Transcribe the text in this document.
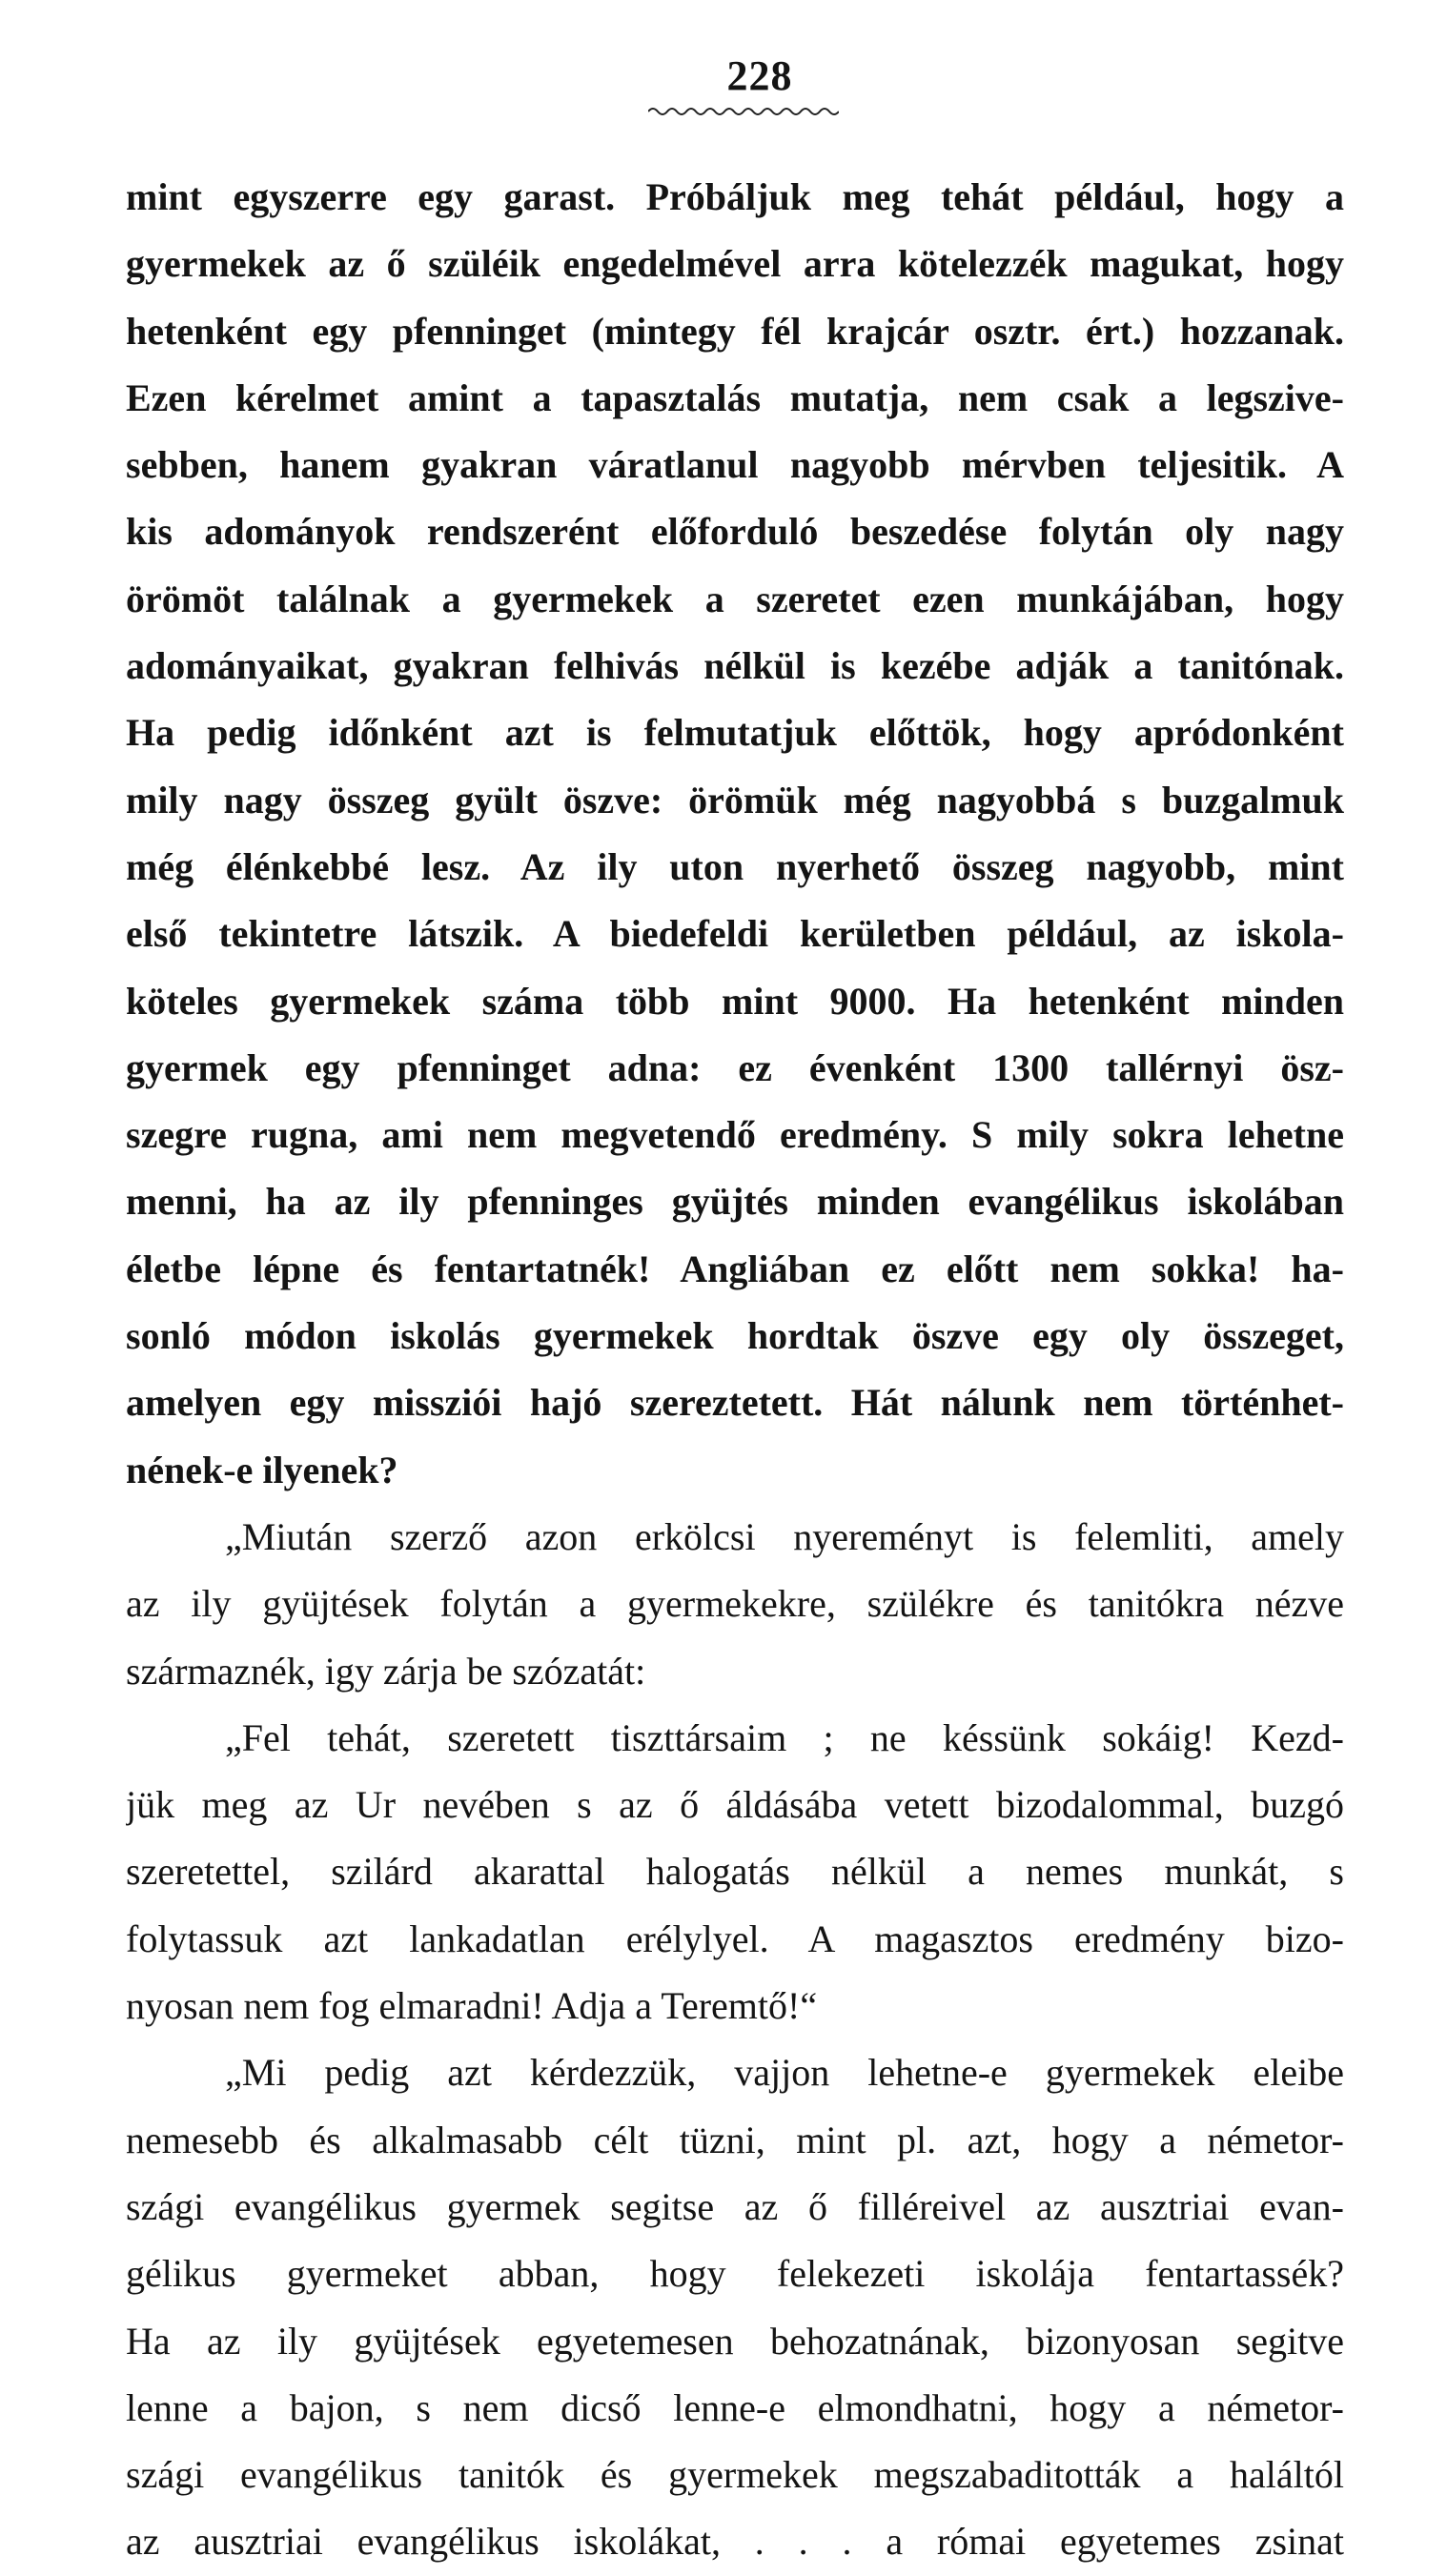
228
mint egyszerre egy garast. Próbáljuk meg tehát például, hogy a
gyermekek az ő szüléik engedelmével arra kötelezzék magukat, hogy
hetenként egy pfenninget (mintegy fél krajcár osztr. ért.) hozzanak.
Ezen kérelmet amint a tapasztalás mutatja, nem csak a legszive-
sebben, hanem gyakran váratlanul nagyobb mérvben teljesitik. A
kis adományok rendszerént előforduló beszedése folytán oly nagy
örömöt találnak a gyermekek a szeretet ezen munkájában, hogy
adományaikat, gyakran felhivás nélkül is kezébe adják a tanitónak.
Ha pedig időnként azt is felmutatjuk előttök, hogy apródonként
mily nagy összeg gyült öszve: örömük még nagyobbá s buzgalmuk
még élénkebbé lesz. Az ily uton nyerhető összeg nagyobb, mint
első tekintetre látszik. A biedefeldi kerületben például, az iskola-
köteles gyermekek száma több mint 9000. Ha hetenként minden
gyermek egy pfenninget adna: ez évenként 1300 tallérnyi ösz-
szegre rugna, ami nem megvetendő eredmény. S mily sokra lehetne
menni, ha az ily pfenninges gyüjtés minden evangélikus iskolában
életbe lépne és fentartatnék! Angliában ez előtt nem sokka! ha-
sonló módon iskolás gyermekek hordtak öszve egy oly összeget,
amelyen egy missziói hajó szereztetett. Hát nálunk nem történhet-
nének-e ilyenek?
„Miután szerző azon erkölcsi nyereményt is felemliti, amely
az ily gyüjtések folytán a gyermekekre, szülékre és tanitókra nézve
származnék, igy zárja be szózatát:
„Fel tehát, szeretett tiszttársaim ; ne késsünk sokáig! Kezd-
jük meg az Ur nevében s az ő áldásába vetett bizodalommal, buzgó
szeretettel, szilárd akarattal halogatás nélkül a nemes munkát, s
folytassuk azt lankadatlan erélylyel. A magasztos eredmény bizo-
nyosan nem fog elmaradni! Adja a Teremtő!“
„Mi pedig azt kérdezzük, vajjon lehetne-e gyermekek eleibe
nemesebb és alkalmasabb célt tüzni, mint pl. azt, hogy a németor-
szági evangélikus gyermek segitse az ő filléreivel az ausztriai evan-
gélikus gyermeket abban, hogy felekezeti iskolája fentartassék?
Ha az ily gyüjtések egyetemesen behozatnának, bizonyosan segitve
lenne a bajon, s nem dicső lenne-e elmondhatni, hogy a németor-
szági evangélikus tanitók és gyermekek megszabaditották a haláltól
az ausztriai evangélikus iskolákat, . . . a római egyetemes zsinat
